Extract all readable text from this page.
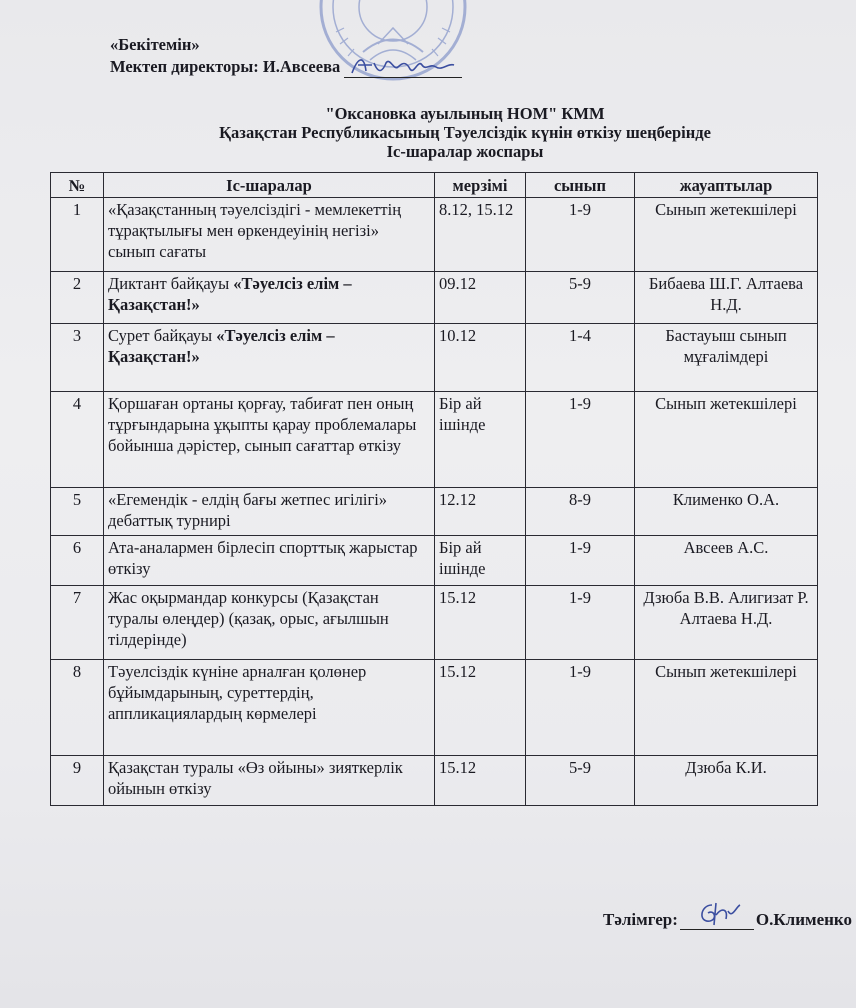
«Бекітемін»
Мектеп директоры: И.Авсеева
"Оксановка ауылының НОМ" КММ
Қазақстан Республикасының Тәуелсіздік күнін өткізу шеңберінде
Іс-шаралар жоспары
№	Іс-шаралар	мерзімі	сынып	жауаптылар
1	«Қазақстанның тәуелсіздігі - мемлекеттің тұрақтылығы мен өркендеуінің негізі» сынып сағаты	8.12, 15.12	1-9	Сынып жетекшілері
2	Диктант байқауы «Тәуелсіз елім – Қазақстан!»	09.12	5-9	Бибаева Ш.Г. Алтаева Н.Д.
3	Сурет байқауы «Тәуелсіз елім – Қазақстан!»	10.12	1-4	Бастауыш сынып мұғалімдері
4	Қоршаған ортаны қорғау, табиғат пен оның тұрғындарына ұқыпты қарау проблемалары бойынша дәрістер, сынып сағаттар өткізу	Бір ай ішінде	1-9	Сынып жетекшілері
5	«Егемендік - елдің бағы жетпес игілігі» дебаттық турнирі	12.12	8-9	Клименко О.А.
6	Ата-аналармен бірлесіп спорттық жарыстар өткізу	Бір ай ішінде	1-9	Авсеев А.С.
7	Жас оқырмандар конкурсы (Қазақстан туралы өлеңдер) (қазақ, орыс, ағылшын тілдерінде)	15.12	1-9	Дзюба В.В. Алигизат Р. Алтаева Н.Д.
8	Тәуелсіздік күніне арналған қолөнер бұйымдарының, суреттердің, аппликациялардың көрмелері	15.12	1-9	Сынып жетекшілері
9	Қазақстан туралы «Өз ойыны» зияткерлік ойынын өткізу	15.12	5-9	Дзюба К.И.
Тәлімгер:	О.Клименко
